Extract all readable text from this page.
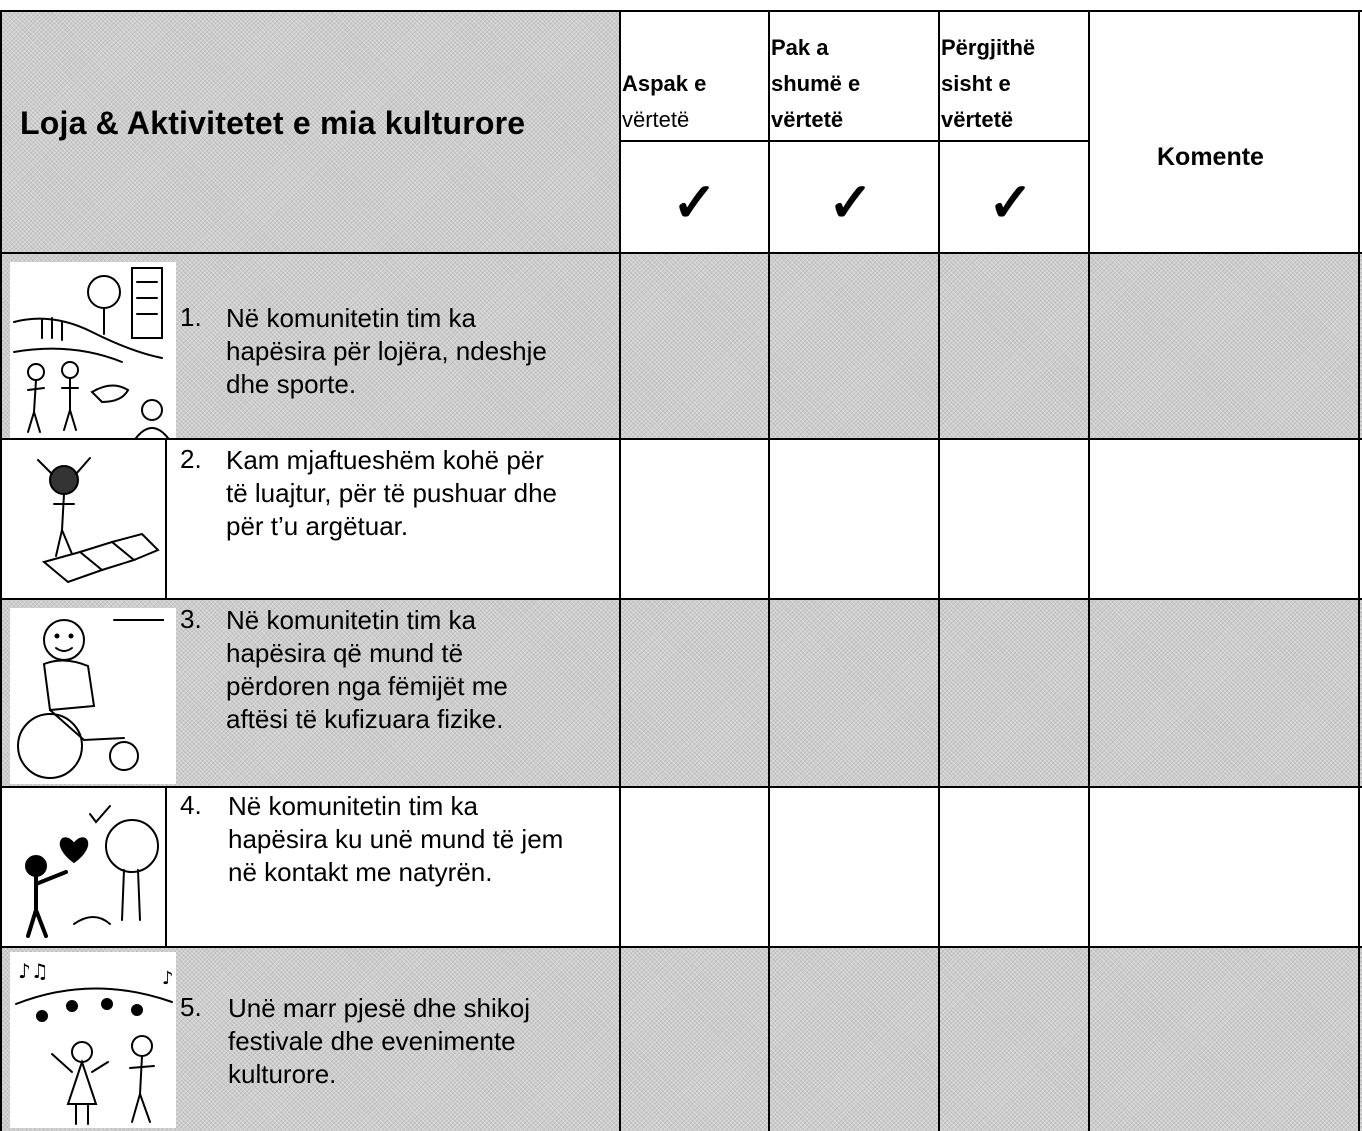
Loja & Aktivitetet e mia kulturore
Aspak e
vërtetë
Pak a
shumë e
vërtetë
Përgjithë
sisht e
vërtetë
✓ ✓ ✓
Komente
1. Në komunitetin tim ka
hapësira për lojëra, ndeshje
dhe sporte.
2. Kam mjaftueshëm kohë për
të luajtur, për të pushuar dhe
për t’u argëtuar.
3. Në komunitetin tim ka
hapësira që mund të
përdoren nga fëmijët me
aftësi të kufizuara fizike.
4. Në komunitetin tim ka
hapësira ku unë mund të jem
në kontakt me natyrën.
5. Unë marr pjesë dhe shikoj
festivale dhe evenimente
kulturore.
♪♫	♪
